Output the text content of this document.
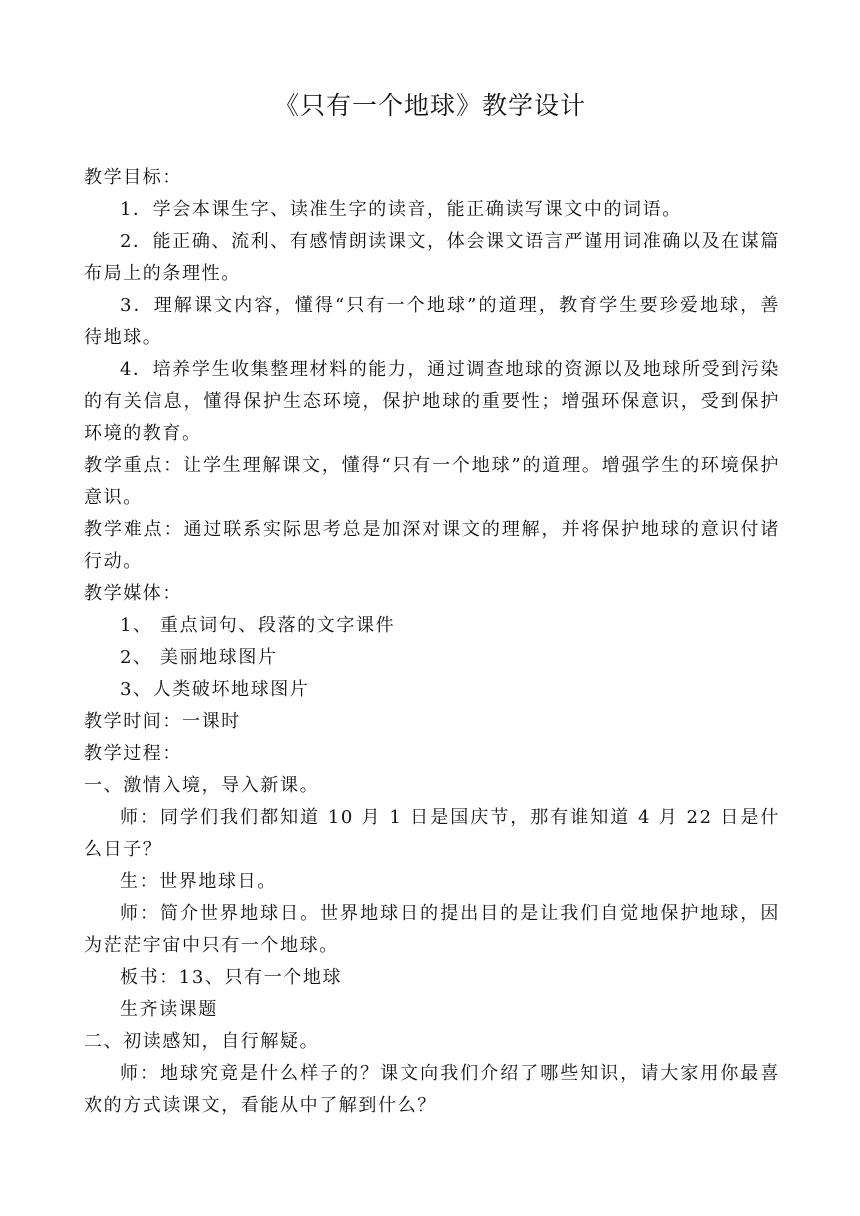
《只有一个地球》教学设计

教学目标：

1．学会本课生字、读准生字的读音，能正确读写课文中的词语。

2．能正确、流利、有感情朗读课文，体会课文语言严谨用词准确以及在谋篇布局上的条理性。

3．理解课文内容，懂得“只有一个地球”的道理，教育学生要珍爱地球，善待地球。

4．培养学生收集整理材料的能力，通过调查地球的资源以及地球所受到污染的有关信息，懂得保护生态环境，保护地球的重要性；增强环保意识，受到保护环境的教育。

教学重点：让学生理解课文，懂得“只有一个地球”的道理。增强学生的环境保护意识。

教学难点：通过联系实际思考总是加深对课文的理解，并将保护地球的意识付诸行动。

教学媒体：

1、 重点词句、段落的文字课件

2、 美丽地球图片

3、人类破坏地球图片

教学时间：一课时

教学过程：

一、激情入境，导入新课。

师：同学们我们都知道 10 月 1 日是国庆节，那有谁知道 4 月 22 日是什么日子？

生：世界地球日。

师：简介世界地球日。世界地球日的提出目的是让我们自觉地保护地球，因为茫茫宇宙中只有一个地球。

板书：13、只有一个地球

生齐读课题

二、初读感知，自行解疑。

师：地球究竟是什么样子的？课文向我们介绍了哪些知识，请大家用你最喜欢的方式读课文，看能从中了解到什么？
